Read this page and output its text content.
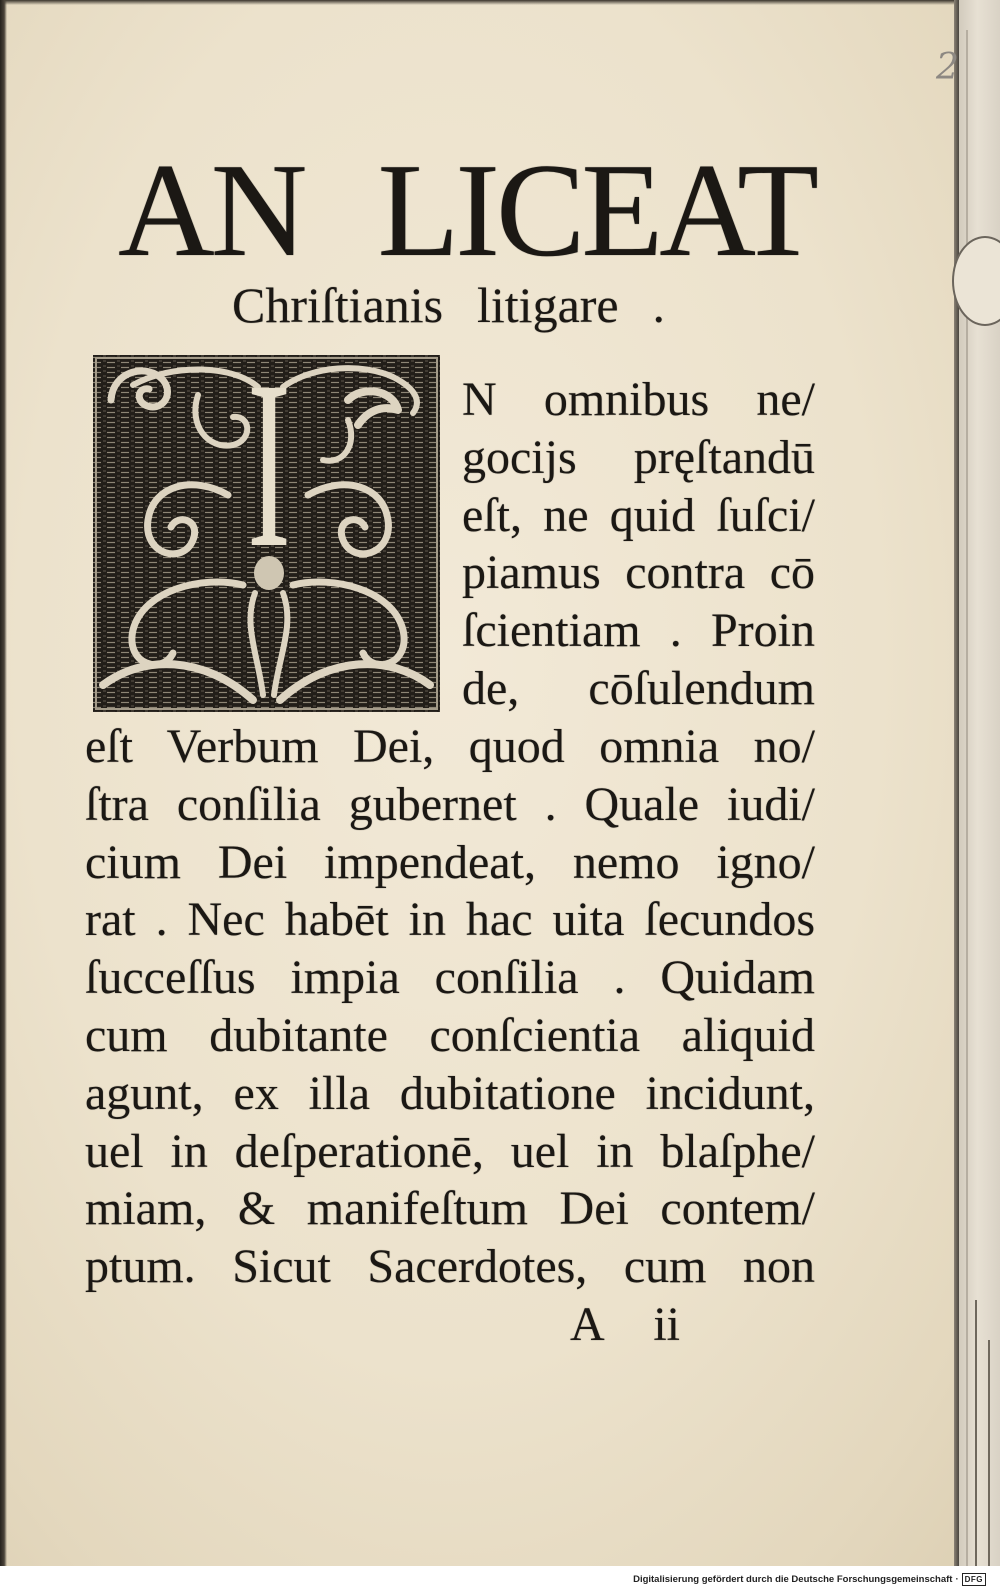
2
AN LICEAT
Chriſtianis litigare .
I	N omnibus ne/
gocijs pręſtandū
eſt, ne quid ſuſci/
piamus contra cō
ſcientiam . Proin
de, cōſulendum
eſt Verbum Dei, quod omnia no/
ſtra conſilia gubernet . Quale iudi/
cium Dei impendeat, nemo igno/
rat . Nec habēt in hac uita ſecundos
ſucceſſus impia conſilia . Quidam
cum dubitante conſcientia aliquid
agunt, ex illa dubitatione incidunt,
uel in deſperationē, uel in blaſphe/
miam, & manifeſtum Dei contem/
ptum. Sicut Sacerdotes, cum non
A ii
Digitalisierung gefördert durch die Deutsche Forschungsgemeinschaft · DFG
